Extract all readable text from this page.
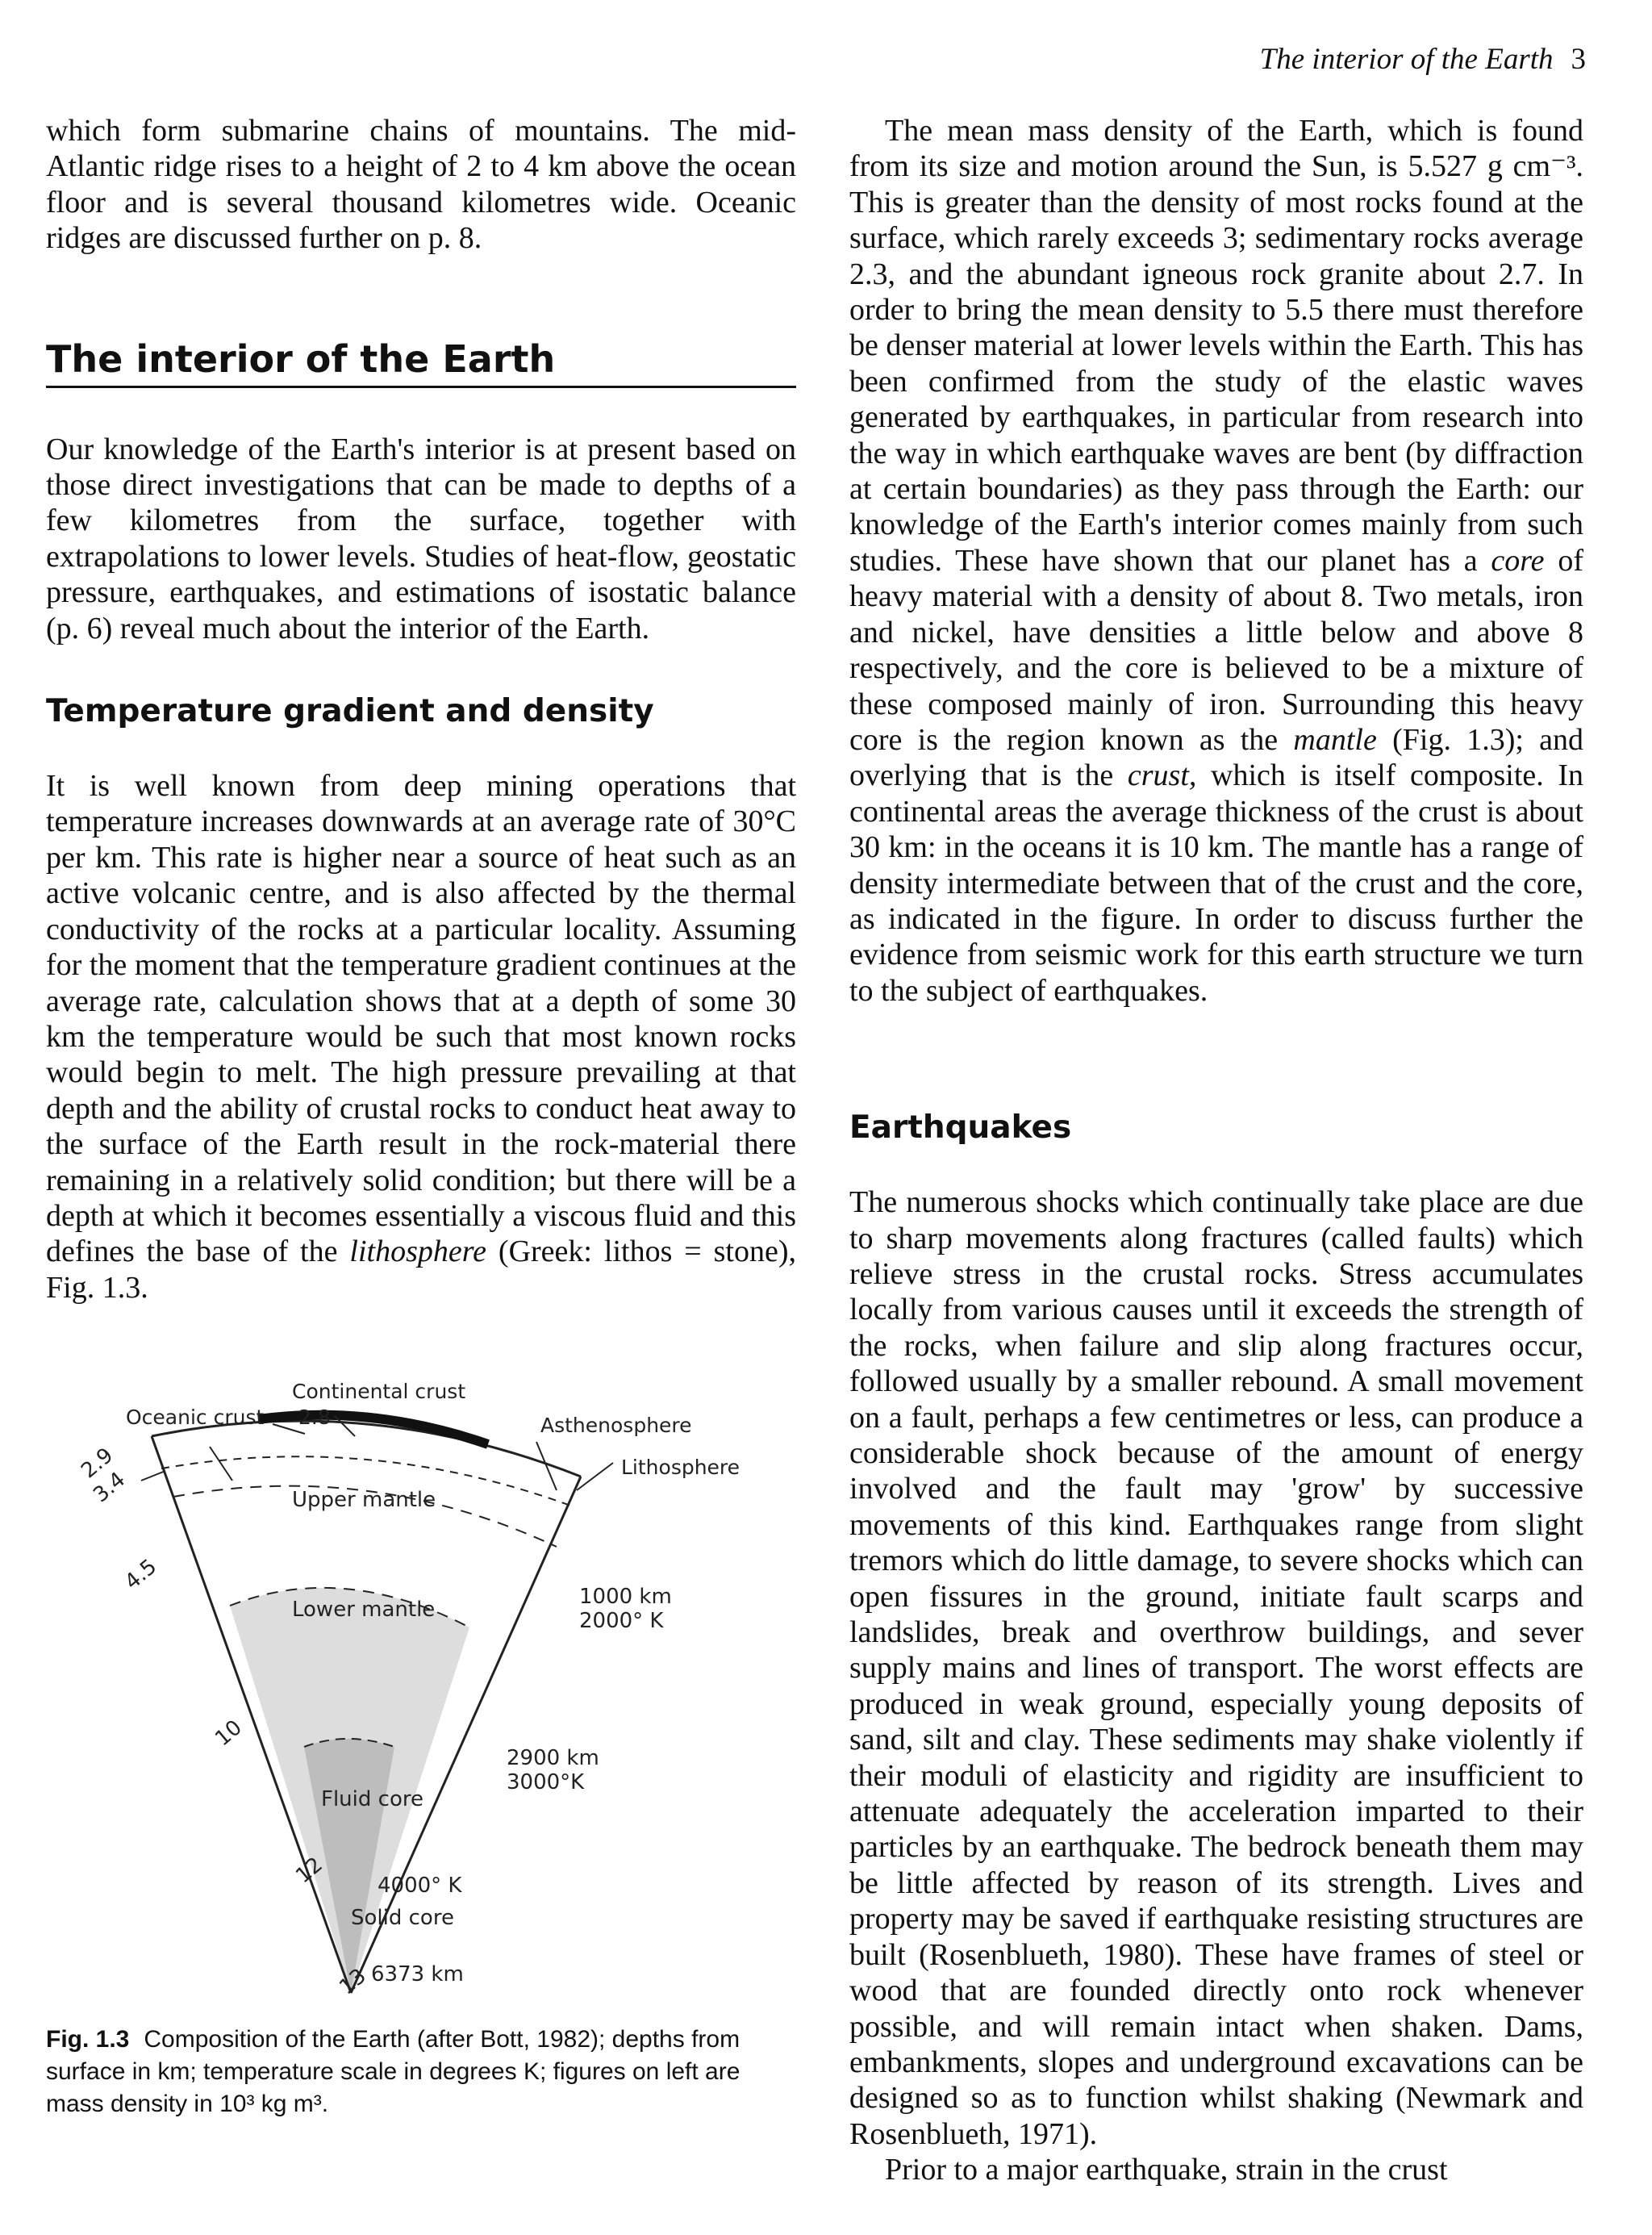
The interior of the Earth 3

which form submarine chains of mountains. The mid-Atlantic ridge rises to a height of 2 to 4 km above the ocean floor and is several thousand kilometres wide. Oceanic ridges are discussed further on p. 8.

The interior of the Earth

Our knowledge of the Earth's interior is at present based on those direct investigations that can be made to depths of a few kilometres from the surface, together with extrapolations to lower levels. Studies of heat-flow, geostatic pressure, earthquakes, and estimations of isostatic balance (p. 6) reveal much about the interior of the Earth.

Temperature gradient and density

It is well known from deep mining operations that temperature increases downwards at an average rate of 30°C per km. This rate is higher near a source of heat such as an active volcanic centre, and is also affected by the thermal conductivity of the rocks at a particular locality. Assuming for the moment that the temperature gradient continues at the average rate, calculation shows that at a depth of some 30 km the temperature would be such that most known rocks would begin to melt. The high pressure prevailing at that depth and the ability of crustal rocks to conduct heat away to the surface of the Earth result in the rock-material there remaining in a relatively solid condition; but there will be a depth at which it becomes essentially a viscous fluid and this defines the base of the lithosphere (Greek: lithos = stone), Fig. 1.3.

Continental crust
2.8
Oceanic crust	Asthenosphere
Lithosphere
Upper mantle
Lower mantle
Fluid core
Solid core
1000 km
2000° K
2900 km
3000°K
4000° K
6373 km
2.9
3.4
4.5
10
12
13
Fig. 1.3 Composition of the Earth (after Bott, 1982); depths from surface in km; temperature scale in degrees K; figures on left are mass density in 10³ kg m³.

The mean mass density of the Earth, which is found from its size and motion around the Sun, is 5.527 g cm⁻³. This is greater than the density of most rocks found at the surface, which rarely exceeds 3; sedimentary rocks average 2.3, and the abundant igneous rock granite about 2.7. In order to bring the mean density to 5.5 there must therefore be denser material at lower levels within the Earth. This has been confirmed from the study of the elastic waves generated by earthquakes, in particular from research into the way in which earthquake waves are bent (by diffraction at certain boundaries) as they pass through the Earth: our knowledge of the Earth's interior comes mainly from such studies. These have shown that our planet has a core of heavy material with a density of about 8. Two metals, iron and nickel, have densities a little below and above 8 respectively, and the core is believed to be a mixture of these composed mainly of iron. Surrounding this heavy core is the region known as the mantle (Fig. 1.3); and overlying that is the crust, which is itself composite. In continental areas the average thickness of the crust is about 30 km: in the oceans it is 10 km. The mantle has a range of density intermediate between that of the crust and the core, as indicated in the figure. In order to discuss further the evidence from seismic work for this earth structure we turn to the subject of earthquakes.

Earthquakes

The numerous shocks which continually take place are due to sharp movements along fractures (called faults) which relieve stress in the crustal rocks. Stress accumulates locally from various causes until it exceeds the strength of the rocks, when failure and slip along fractures occur, followed usually by a smaller rebound. A small movement on a fault, perhaps a few centimetres or less, can produce a considerable shock because of the amount of energy involved and the fault may 'grow' by successive movements of this kind. Earthquakes range from slight tremors which do little damage, to severe shocks which can open fissures in the ground, initiate fault scarps and landslides, break and overthrow buildings, and sever supply mains and lines of transport. The worst effects are produced in weak ground, especially young deposits of sand, silt and clay. These sediments may shake violently if their moduli of elasticity and rigidity are insufficient to attenuate adequately the acceleration imparted to their particles by an earthquake. The bedrock beneath them may be little affected by reason of its strength. Lives and property may be saved if earthquake resisting structures are built (Rosenblueth, 1980). These have frames of steel or wood that are founded directly onto rock whenever possible, and will remain intact when shaken. Dams, embankments, slopes and underground excavations can be designed so as to function whilst shaking (Newmark and Rosenblueth, 1971).

Prior to a major earthquake, strain in the crust
